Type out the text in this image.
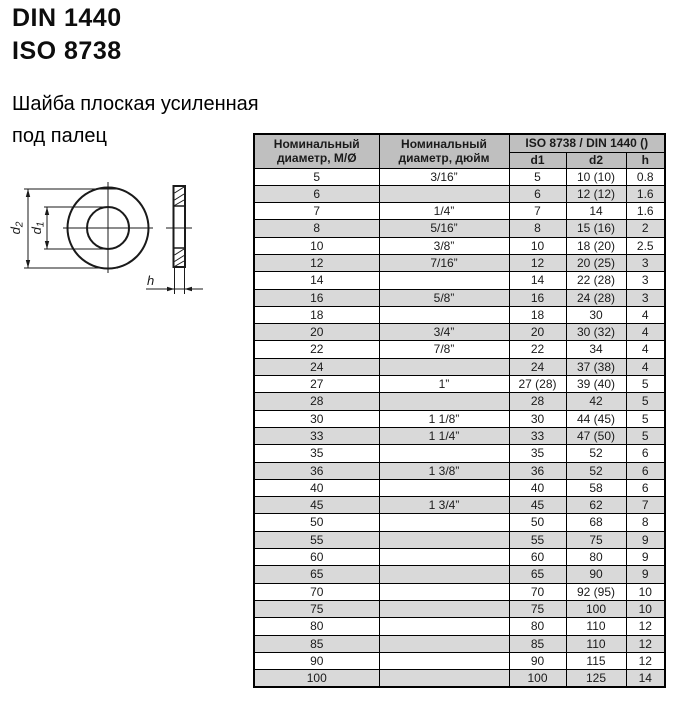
DIN 1440
ISO 8738
Шайба плоская усиленная
под палец
d2
d1
h
Номинальный
диаметр, М/Ø	Номинальный
диаметр, дюйм	ISO 8738 / DIN 1440 ()		
		d1	d2	h
5	3/16”	5	10 (10)	0.8
6		6	12 (12)	1.6
7	1/4”	7	14	1.6
8	5/16”	8	15 (16)	2
10	3/8”	10	18 (20)	2.5
12	7/16”	12	20 (25)	3
14		14	22 (28)	3
16	5/8”	16	24 (28)	3
18		18	30	4
20	3/4”	20	30 (32)	4
22	7/8”	22	34	4
24		24	37 (38)	4
27	1”	27 (28)	39 (40)	5
28		28	42	5
30	1 1/8”	30	44 (45)	5
33	1 1/4”	33	47 (50)	5
35		35	52	6
36	1 3/8”	36	52	6
40		40	58	6
45	1 3/4”	45	62	7
50		50	68	8
55		55	75	9
60		60	80	9
65		65	90	9
70		70	92 (95)	10
75		75	100	10
80		80	110	12
85		85	110	12
90		90	115	12
100		100	125	14
